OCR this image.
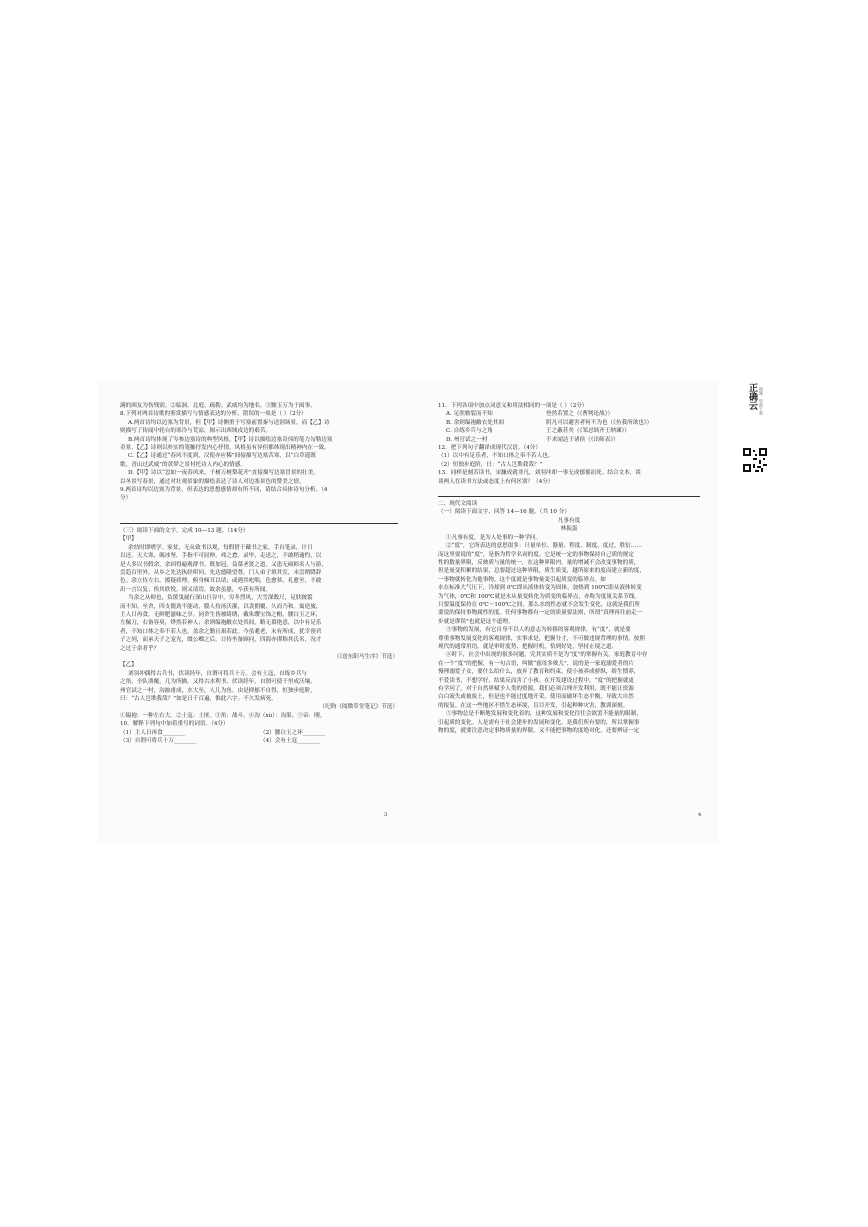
正确云 刷题 · 资源下载
满的困友为伤残别。②临洞、北庭、疏勒、武威均为地名。③黥玉万为于闽事。
8.下列对两首诗歌的鉴赏描写与情感表达的分析，错误的一项是（ ）（2分）
A.两首诗均以边塞为背景，但【甲】诗侧重于写塞前置秦与送别场景，而【乙】诗
则描写了传闻中轮台的寒冷与荒凉，揭示出西域戍边的艰苦。
B.两首诗均体现了岑参边塞诗的典型风格，【甲】诗以描绘边塞奇伟的笔力勾勒边塞
奇景，【乙】诗则以朴实的笔触抒发内心抒情，风格虽有异但都体现出精神内在一致。
C.【乙】诗通过“春风不度到，汉使亦应稀”间接描写边塞苦寒，以“白草遥既
歌，青山过武威”的黄梦之景衬托诗人内心的情感。
D.【甲】诗以“忽如一夜春风来，千树万树梨花开”直接描写边塞冒景的壮美，
以冬景写春景，通过对壮观景象的描绘表达了诗人对边塞景色的赞美之情。
9.两首诗均以边塞为背景，但表达的思想感情却有所不同，请结合具体诗句分析。（4
分）
（三）阅读下面的文字，完成 10—13 题。（14分）
【甲】
余幼时即嗜学。家贫，无从致书以观，每假借于藏书之家，手自笔录，计日
以还。天大寒，砚冰坚，手指不可屈伸，弗之怠。录毕，走送之，不敢稍逾约。以
是人多以书假余，余因得遍观群书。既加冠，益慕圣贤之道。又患无硕师名人与游，
尝趋百里外，从乡之先达执经叩问。先达德隆望尊，门人弟子填其室，未尝稍降辞
色。余立侍左右，援疑质理，俯身倾耳以请；或遇其叱咄，色愈恭，礼愈至，不敢
出一言以复；俟其欣悦，则又请焉。故余虽愚，卒获有所闻。
当余之从师也，负箧曳屣行深山巨谷中，穷冬烈风，大雪深数尺，足肤皲裂
而不知。至舍，四支僵劲不能动，媵人持汤沃灌，以衾拥覆，久而乃和。寓逆旅，
主人日再食，无鲜肥滋味之享。同舍生皆被绮绣，戴朱缨宝饰之帽，腰白玉之环，
左佩刀，右备容臭，烨然若神人；余则缊袍敝衣处其间，略无慕艳意，以中有足乐
者，不知口体之奉不若人也。盖余之勤且艰若此。今虽耄老，未有所成，犹幸预君
子之列，而承天子之宠光，缀公卿之后，日侍坐备顾问，四海亦谬称其氏名，况才
之过于余者乎？
（《送东阳马生序》节选）
【乙】
刘羽冲偶得古兵书，伏读经年，自谓可将兵十万。会有土寇，自练乡兵与
之角，全队溃覆，几为所擒。又得古水利书，伏读经年，自谓可使千里成沃壤。
州官试之一村，沟洫甫成，水大至，人几为鱼。由是抑郁不自得，恒独步庭阶，
曰：“古人岂欺我哉？”如是日千百遍，惟此六字。不久发病死。
（纪昀《阅微草堂笔记》节选）
①缊袍：一种左右大。②土寇：土匪。③角：战斗。④沟（xù）：沟渠。⑤帝：刚。
10．解释下列句中加着重号的词语。（4分）
（1）主人日再食________	（2）腰白玉之环________
（3）自谓可将兵十万________	（4）会有土寇________
3
11．下列各项中加点词意义和用法相同的一项是（ ）（2分）
A. 足肤皲裂而不知	登然若置之（《曹刿论战》）
B. 余则缊袍敝衣处其间	阴凡可以避害者何不为也（《鱼我所欲也》）
C. 自练乡兵与之角	王之蔽甚矣（《邹忌讽齐王纳谏》）
D. 州官试之一村	不求闻达于诸侯（《出师表》）
12．把下列句子翻译成现代汉语。（4分）
（1）以中有足乐者，不知口体之奉不若人也。
（2）恒独步庭阶，曰：“古人岂欺我哉？”
13．同样是刻苦读书，宋濂成就非凡，刘羽冲却一事无成郁郁而死。结合文本，谈
谈两人在读书方法或态度上有何区别？（4分）
二、现代文阅读
（一）阅读下面文字，回答 14—16 题。（共 10 分）
凡事有度
林振蛋
①凡事有度，是为人处事的一种学问。
②“度”，它所表达的意思很多：计量单位、器量、程度、制度、度过、胜衍……
而这里要说的“度”，是指为哲学名词的度。它是统一定的事物保持自己质的规定
性的数量界限，反映质与量的统一，在这种界限内，量的增减不会改变事物的质，
但是量变积累的结果，总要超过这种界限，质生质变，越所原来的度而建立新的度，
一事物就转化为他事物，这个度就是事物量变引起质变的临界点。如
水在标准大气压下，冷却到 0℃即从液体转变为固体，加热到 100℃即从液体转变
为气体，0℃和 100℃就是水从量变转化为质变的临界点，亦称为度量关系节线。
只要温度保持在 0℃～100℃之间，那么水的性态就不会发生变化。这就是我们所
要说的保持事物属性的度。任何事物都有一定的质量要法则，所谓“真理再往前走一
步就是谬误”也就是这个道理。
③事物的发展，有它自身不以人的意志为转移的客观规律，有“度”，就是要
尊重事物发展变化的客观规律，实事求是，把握分寸，不可做违规背理的事情。按照
现代的通常用语，就是审时度势，把握时机，恰到好处，坚持止境之道。
④时下，社会中出现的很多问题，究其实质不是为“度”的掌握有关。家庭教育中存
在一个“度”的把握，有一句古语，叫做“慈母多败儿”，说的是一家庭溺爱者的片
慢理溺爱子女，要什么给什么，放弃了教育和约束，使小孩养成骄纵，娇生惯养，
不爱读书，不想学好，结果反而害了小孩。在开发建设过程中，“度”的把握就更
有学问了。对于自然界赋予人类的资源，我们必须合理开发利用，既不能让资源
白白流失或被废土，但是也不能过度地开采，使用而破坏生态平衡，导致大自然
的报复。在这一些地区不惜生态环境，盲目开发，引起种种灾害，教训深刻。
⑤事物总是不断地发展和变化着的，这种发展和变化往往会欲罢不能量的限制，
引起质的变化。人是需有于社会建步的发展和变化，是我们所有要的，所以掌握事
物的度，就要注意决定事物质量的界限，又不能把事物的度绝对化，还要辨证一定
4
